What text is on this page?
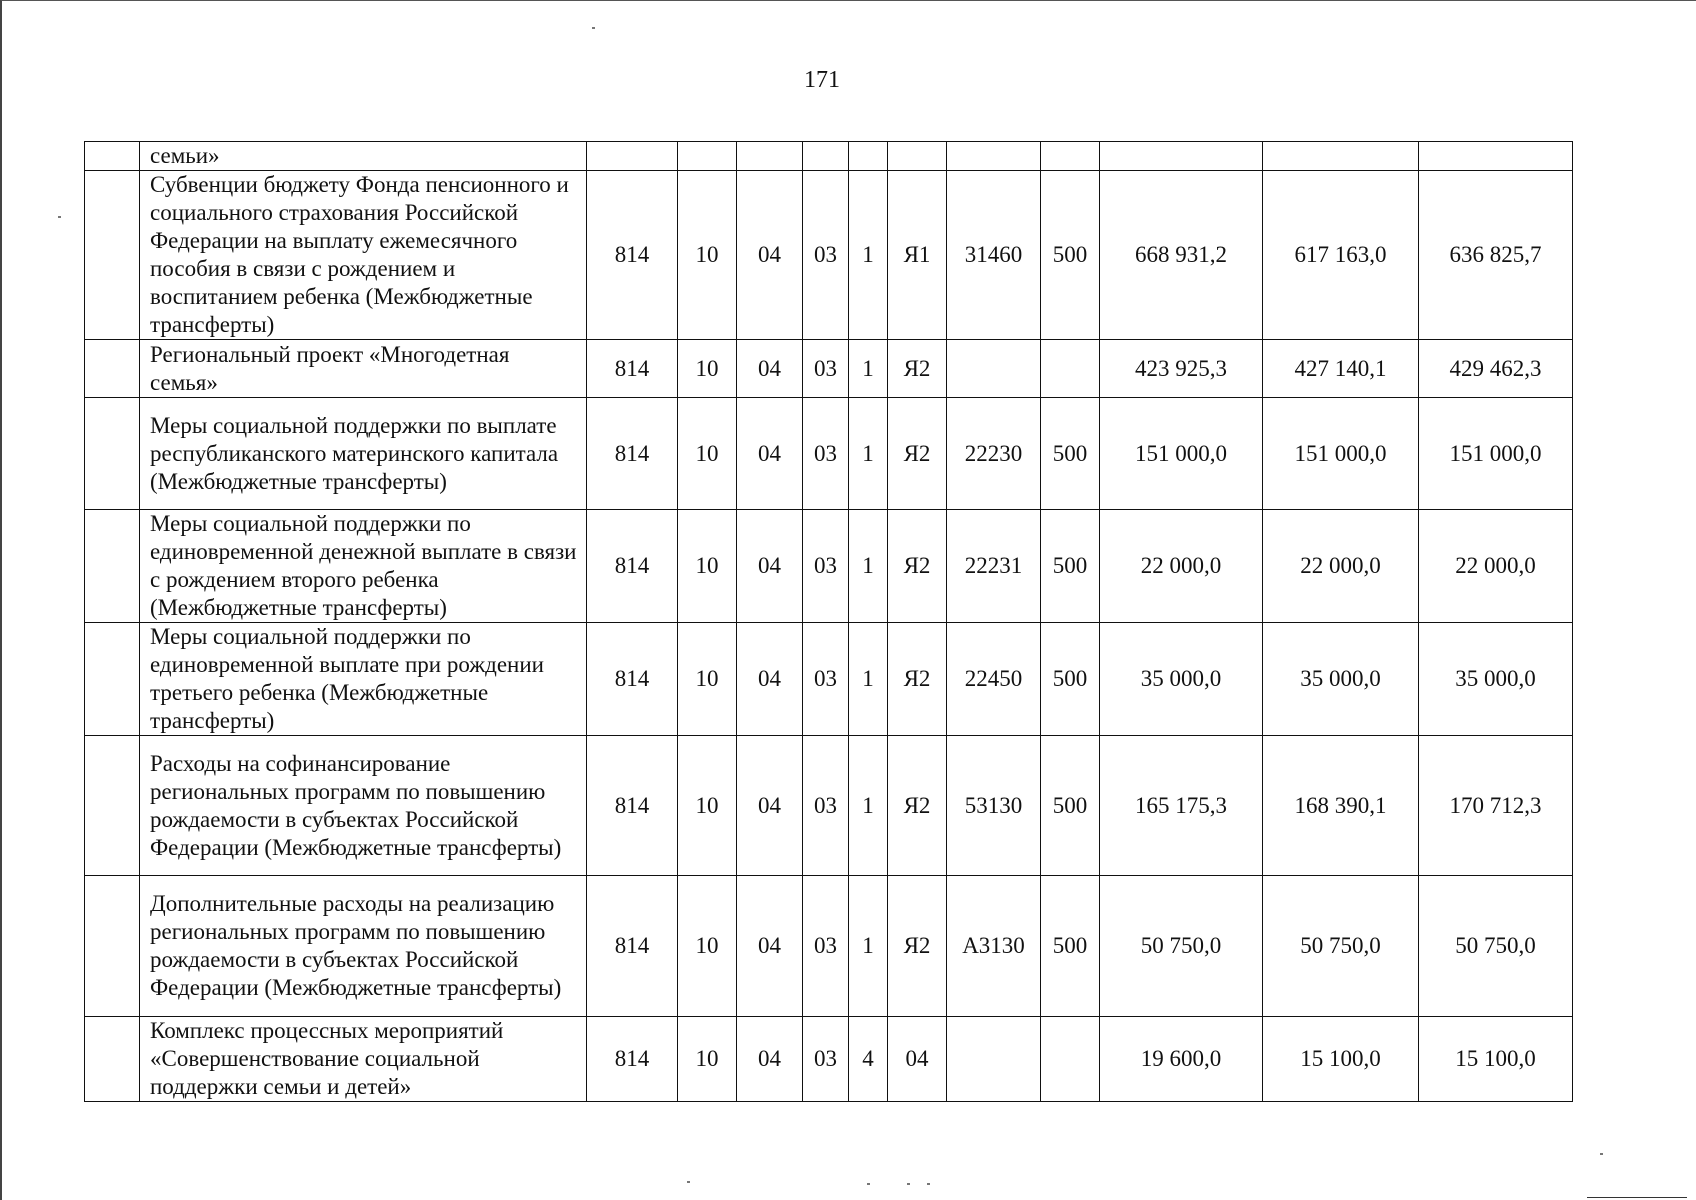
171
	семьи»											
	Субвенции бюджету Фонда пенсионного и социального страхования Российской Федерации на выплату ежемесячного пособия в связи с рождением и воспитанием ребенка (Межбюджетные трансферты)	814	10	04	03	1	Я1	31460	500	668 931,2	617 163,0	636 825,7
	Региональный проект «Многодетная семья»	814	10	04	03	1	Я2			423 925,3	427 140,1	429 462,3
	Меры социальной поддержки по выплате республиканского материнского капитала (Межбюджетные трансферты)	814	10	04	03	1	Я2	22230	500	151 000,0	151 000,0	151 000,0
	Меры социальной поддержки по единовременной денежной выплате в связи с рождением второго ребенка (Межбюджетные трансферты)	814	10	04	03	1	Я2	22231	500	22 000,0	22 000,0	22 000,0
	Меры социальной поддержки по единовременной выплате при рождении третьего ребенка (Межбюджетные трансферты)	814	10	04	03	1	Я2	22450	500	35 000,0	35 000,0	35 000,0
	Расходы на софинансирование региональных программ по повышению рождаемости в субъектах Российской Федерации (Межбюджетные трансферты)	814	10	04	03	1	Я2	53130	500	165 175,3	168 390,1	170 712,3
	Дополнительные расходы на реализацию региональных программ по повышению рождаемости в субъектах Российской Федерации (Межбюджетные трансферты)	814	10	04	03	1	Я2	А3130	500	50 750,0	50 750,0	50 750,0
	Комплекс процессных мероприятий «Совершенствование социальной поддержки семьи и детей»	814	10	04	03	4	04			19 600,0	15 100,0	15 100,0
